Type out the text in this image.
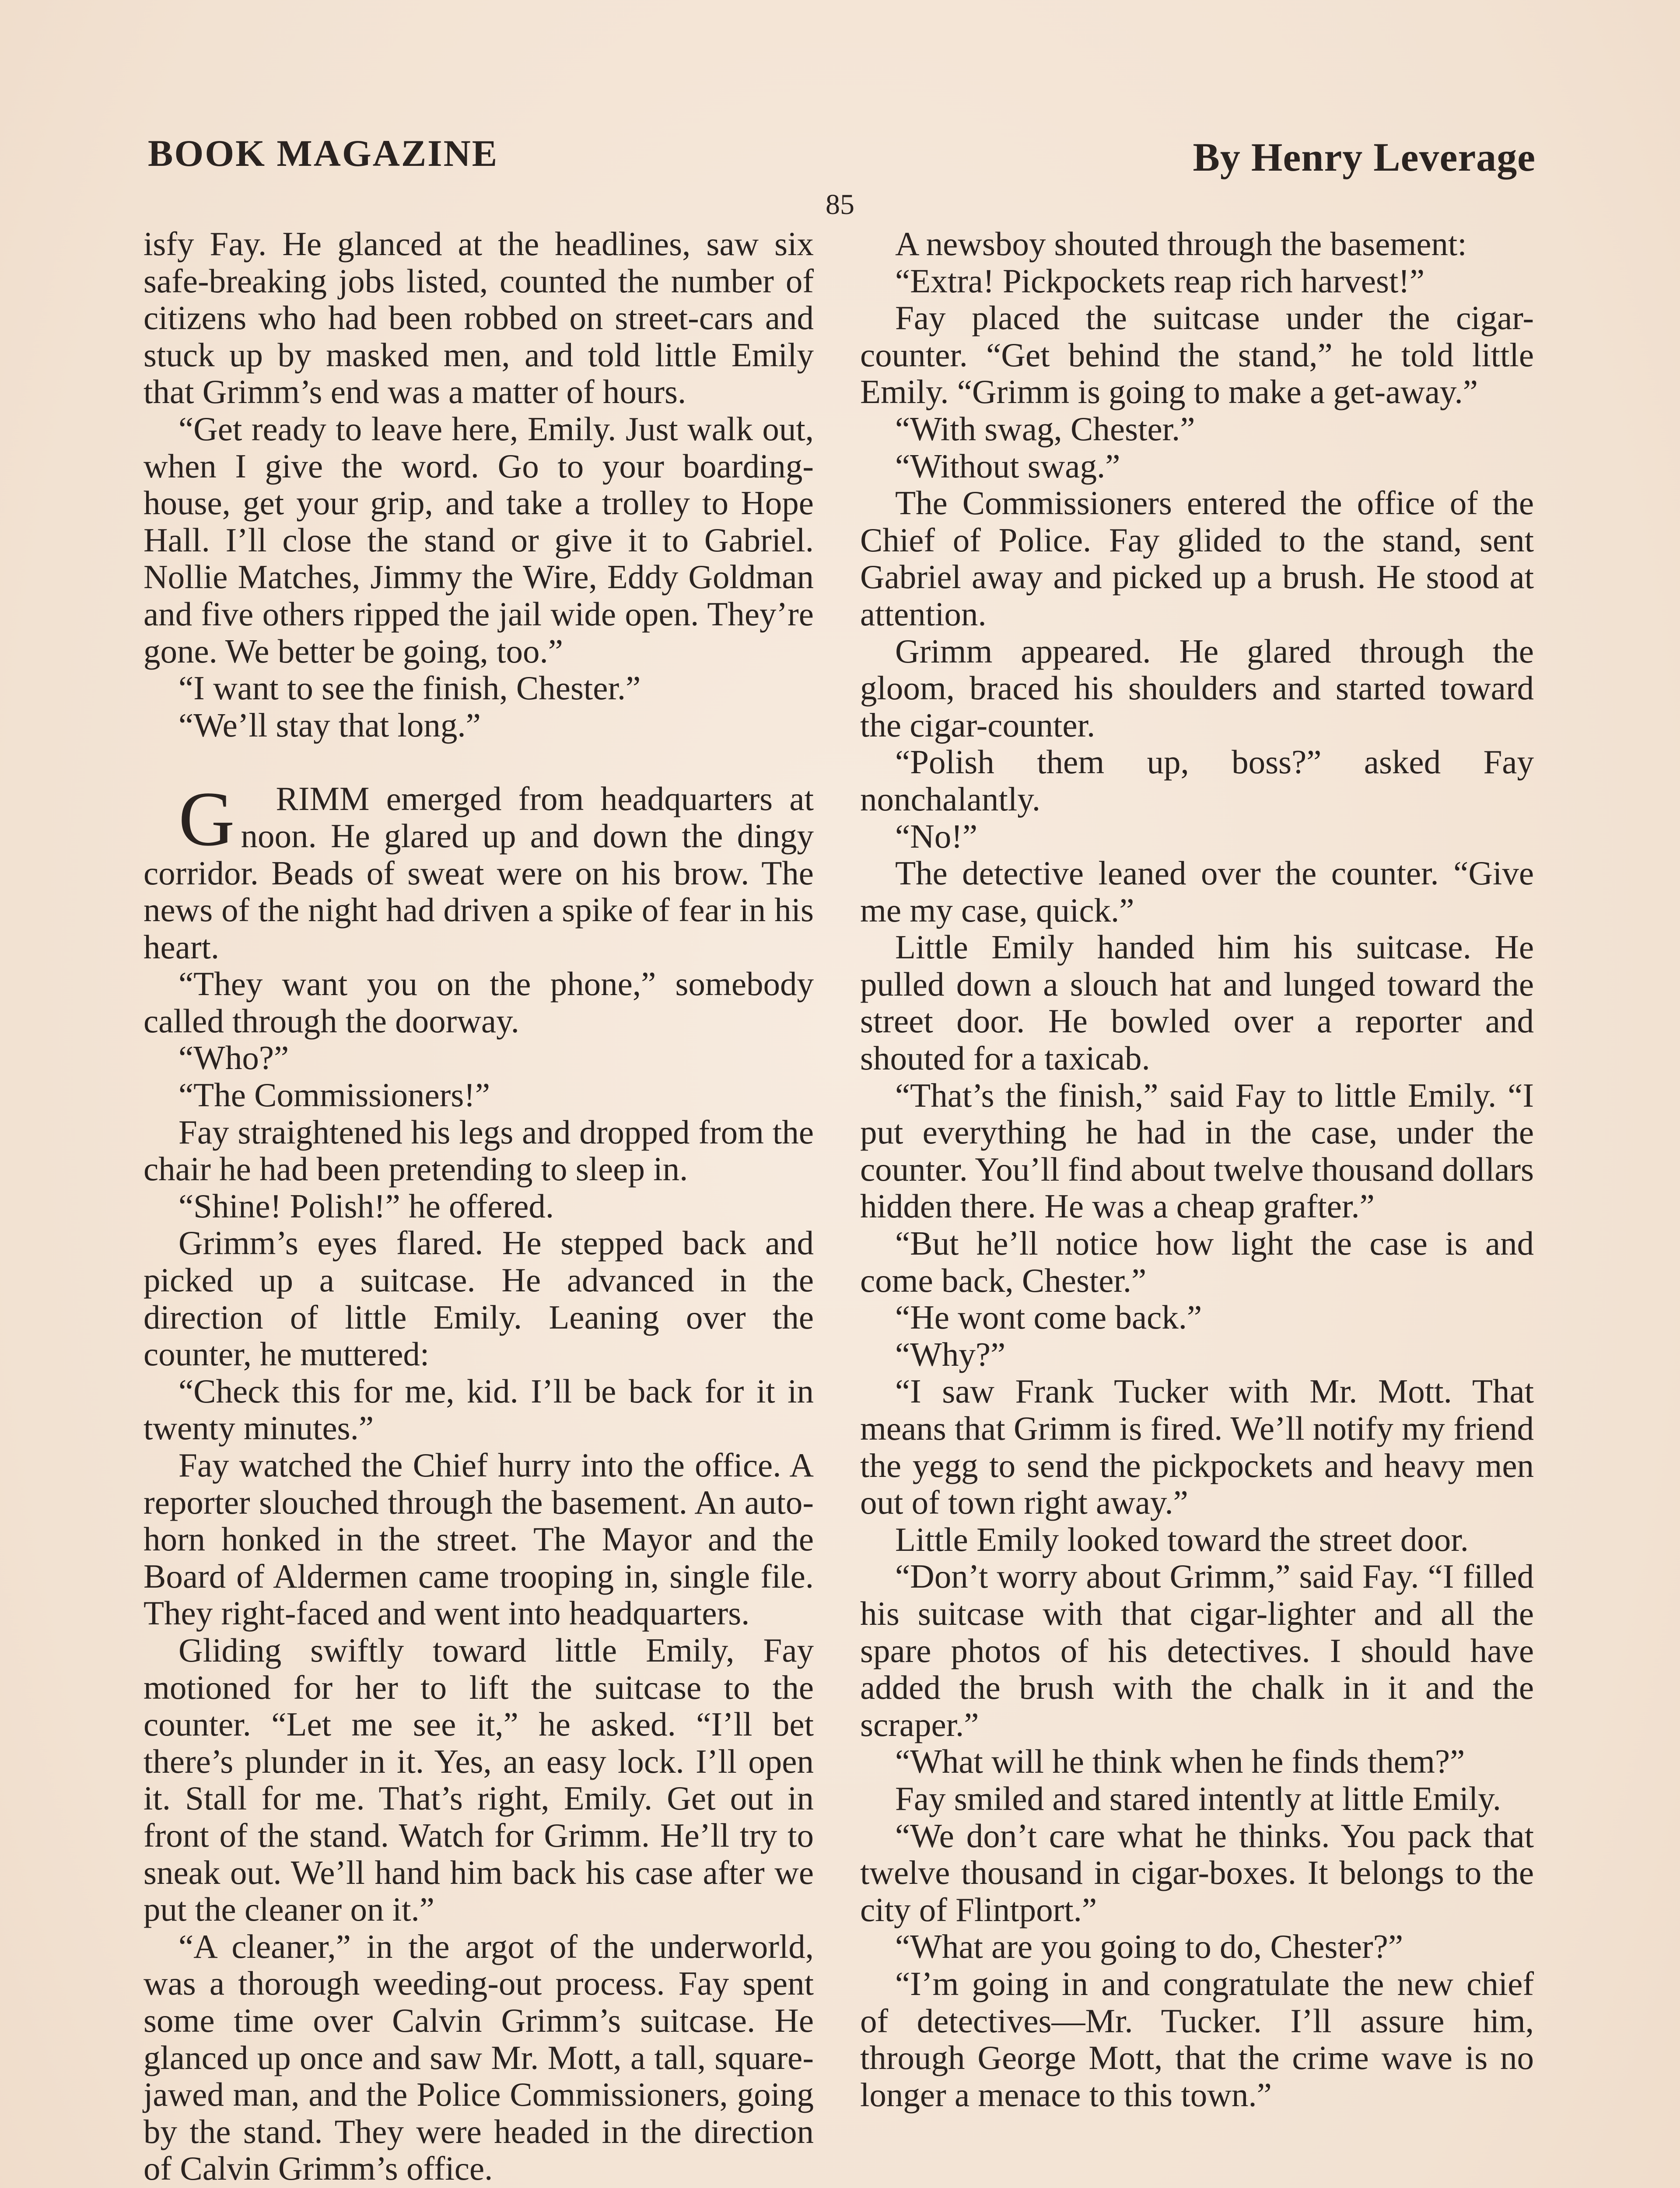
BOOK MAGAZINE	By Henry Leverage
85

isfy Fay. He glanced at the headlines, saw six safe-breaking jobs listed, counted the number of citizens who had been robbed on street-cars and stuck up by masked men, and told little Emily that Grimm’s end was a matter of hours.

“Get ready to leave here, Emily. Just walk out, when I give the word. Go to your boarding-house, get your grip, and take a trolley to Hope Hall. I’ll close the stand or give it to Gabriel. Nollie Matches, Jimmy the Wire, Eddy Goldman and five others ripped the jail wide open. They’re gone. We better be going, too.”

“I want to see the finish, Chester.”

“We’ll stay that long.”

G RIMM emerged from headquarters at noon. He glared up and down the dingy corridor. Beads of sweat were on his brow. The news of the night had driven a spike of fear in his heart.

“They want you on the phone,” somebody called through the doorway.

“Who?”

“The Commissioners!”

Fay straightened his legs and dropped from the chair he had been pretending to sleep in.

“Shine! Polish!” he offered.

Grimm’s eyes flared. He stepped back and picked up a suitcase. He advanced in the direction of little Emily. Leaning over the counter, he muttered:

“Check this for me, kid. I’ll be back for it in twenty minutes.”

Fay watched the Chief hurry into the office. A reporter slouched through the basement. An auto-horn honked in the street. The Mayor and the Board of Aldermen came trooping in, single file. They right-faced and went into headquarters.

Gliding swiftly toward little Emily, Fay motioned for her to lift the suitcase to the counter. “Let me see it,” he asked. “I’ll bet there’s plunder in it. Yes, an easy lock. I’ll open it. Stall for me. That’s right, Emily. Get out in front of the stand. Watch for Grimm. He’ll try to sneak out. We’ll hand him back his case after we put the cleaner on it.”

“A cleaner,” in the argot of the underworld, was a thorough weeding-out process. Fay spent some time over Calvin Grimm’s suitcase. He glanced up once and saw Mr. Mott, a tall, square-jawed man, and the Police Commissioners, going by the stand. They were headed in the direction of Calvin Grimm’s office.

A newsboy shouted through the basement:

“Extra! Pickpockets reap rich harvest!”

Fay placed the suitcase under the cigar-counter. “Get behind the stand,” he told little Emily. “Grimm is going to make a get-away.”

“With swag, Chester.”

“Without swag.”

The Commissioners entered the office of the Chief of Police. Fay glided to the stand, sent Gabriel away and picked up a brush. He stood at attention.

Grimm appeared. He glared through the gloom, braced his shoulders and started toward the cigar-counter.

“Polish them up, boss?” asked Fay nonchalantly.

“No!”

The detective leaned over the counter. “Give me my case, quick.”

Little Emily handed him his suitcase. He pulled down a slouch hat and lunged toward the street door. He bowled over a reporter and shouted for a taxicab.

“That’s the finish,” said Fay to little Emily. “I put everything he had in the case, under the counter. You’ll find about twelve thousand dollars hidden there. He was a cheap grafter.”

“But he’ll notice how light the case is and come back, Chester.”

“He wont come back.”

“Why?”

“I saw Frank Tucker with Mr. Mott. That means that Grimm is fired. We’ll notify my friend the yegg to send the pickpockets and heavy men out of town right away.”

Little Emily looked toward the street door.

“Don’t worry about Grimm,” said Fay. “I filled his suitcase with that cigar-lighter and all the spare photos of his detectives. I should have added the brush with the chalk in it and the scraper.”

“What will he think when he finds them?”

Fay smiled and stared intently at little Emily.

“We don’t care what he thinks. You pack that twelve thousand in cigar-boxes. It belongs to the city of Flintport.”

“What are you going to do, Chester?”

“I’m going in and congratulate the new chief of detectives—Mr. Tucker. I’ll assure him, through George Mott, that the crime wave is no longer a menace to this town.”
